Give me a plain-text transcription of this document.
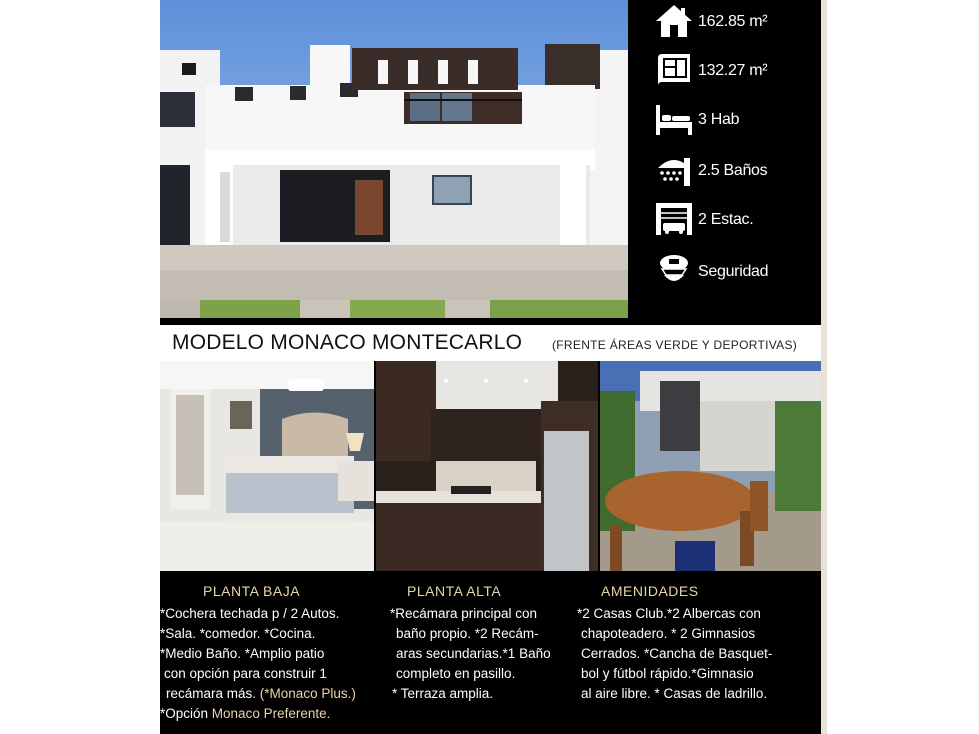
162.85 m²
132.27 m²
3 Hab
2.5 Baños
2 Estac.
Seguridad
MODELO MONACO MONTECARLO (FRENTE ÁREAS VERDE Y DEPORTIVAS)
PLANTA BAJA
*Cochera techada p / 2 Autos.
*Sala. *comedor. *Cocina.
*Medio Baño. *Amplio patio
con opción para construir 1
recámara más. (*Monaco Plus.)
*Opción Monaco Preferente.
PLANTA ALTA
*Recámara principal con
baño propio. *2 Recám-
aras secundarias.*1 Baño
completo en pasillo.
* Terraza amplia.
AMENIDADES
*2 Casas Club.*2 Albercas con
chapoteadero. * 2 Gimnasios
Cerrados. *Cancha de Basquet-
bol y fútbol rápido.*Gimnasio
al aire libre. * Casas de ladrillo.
